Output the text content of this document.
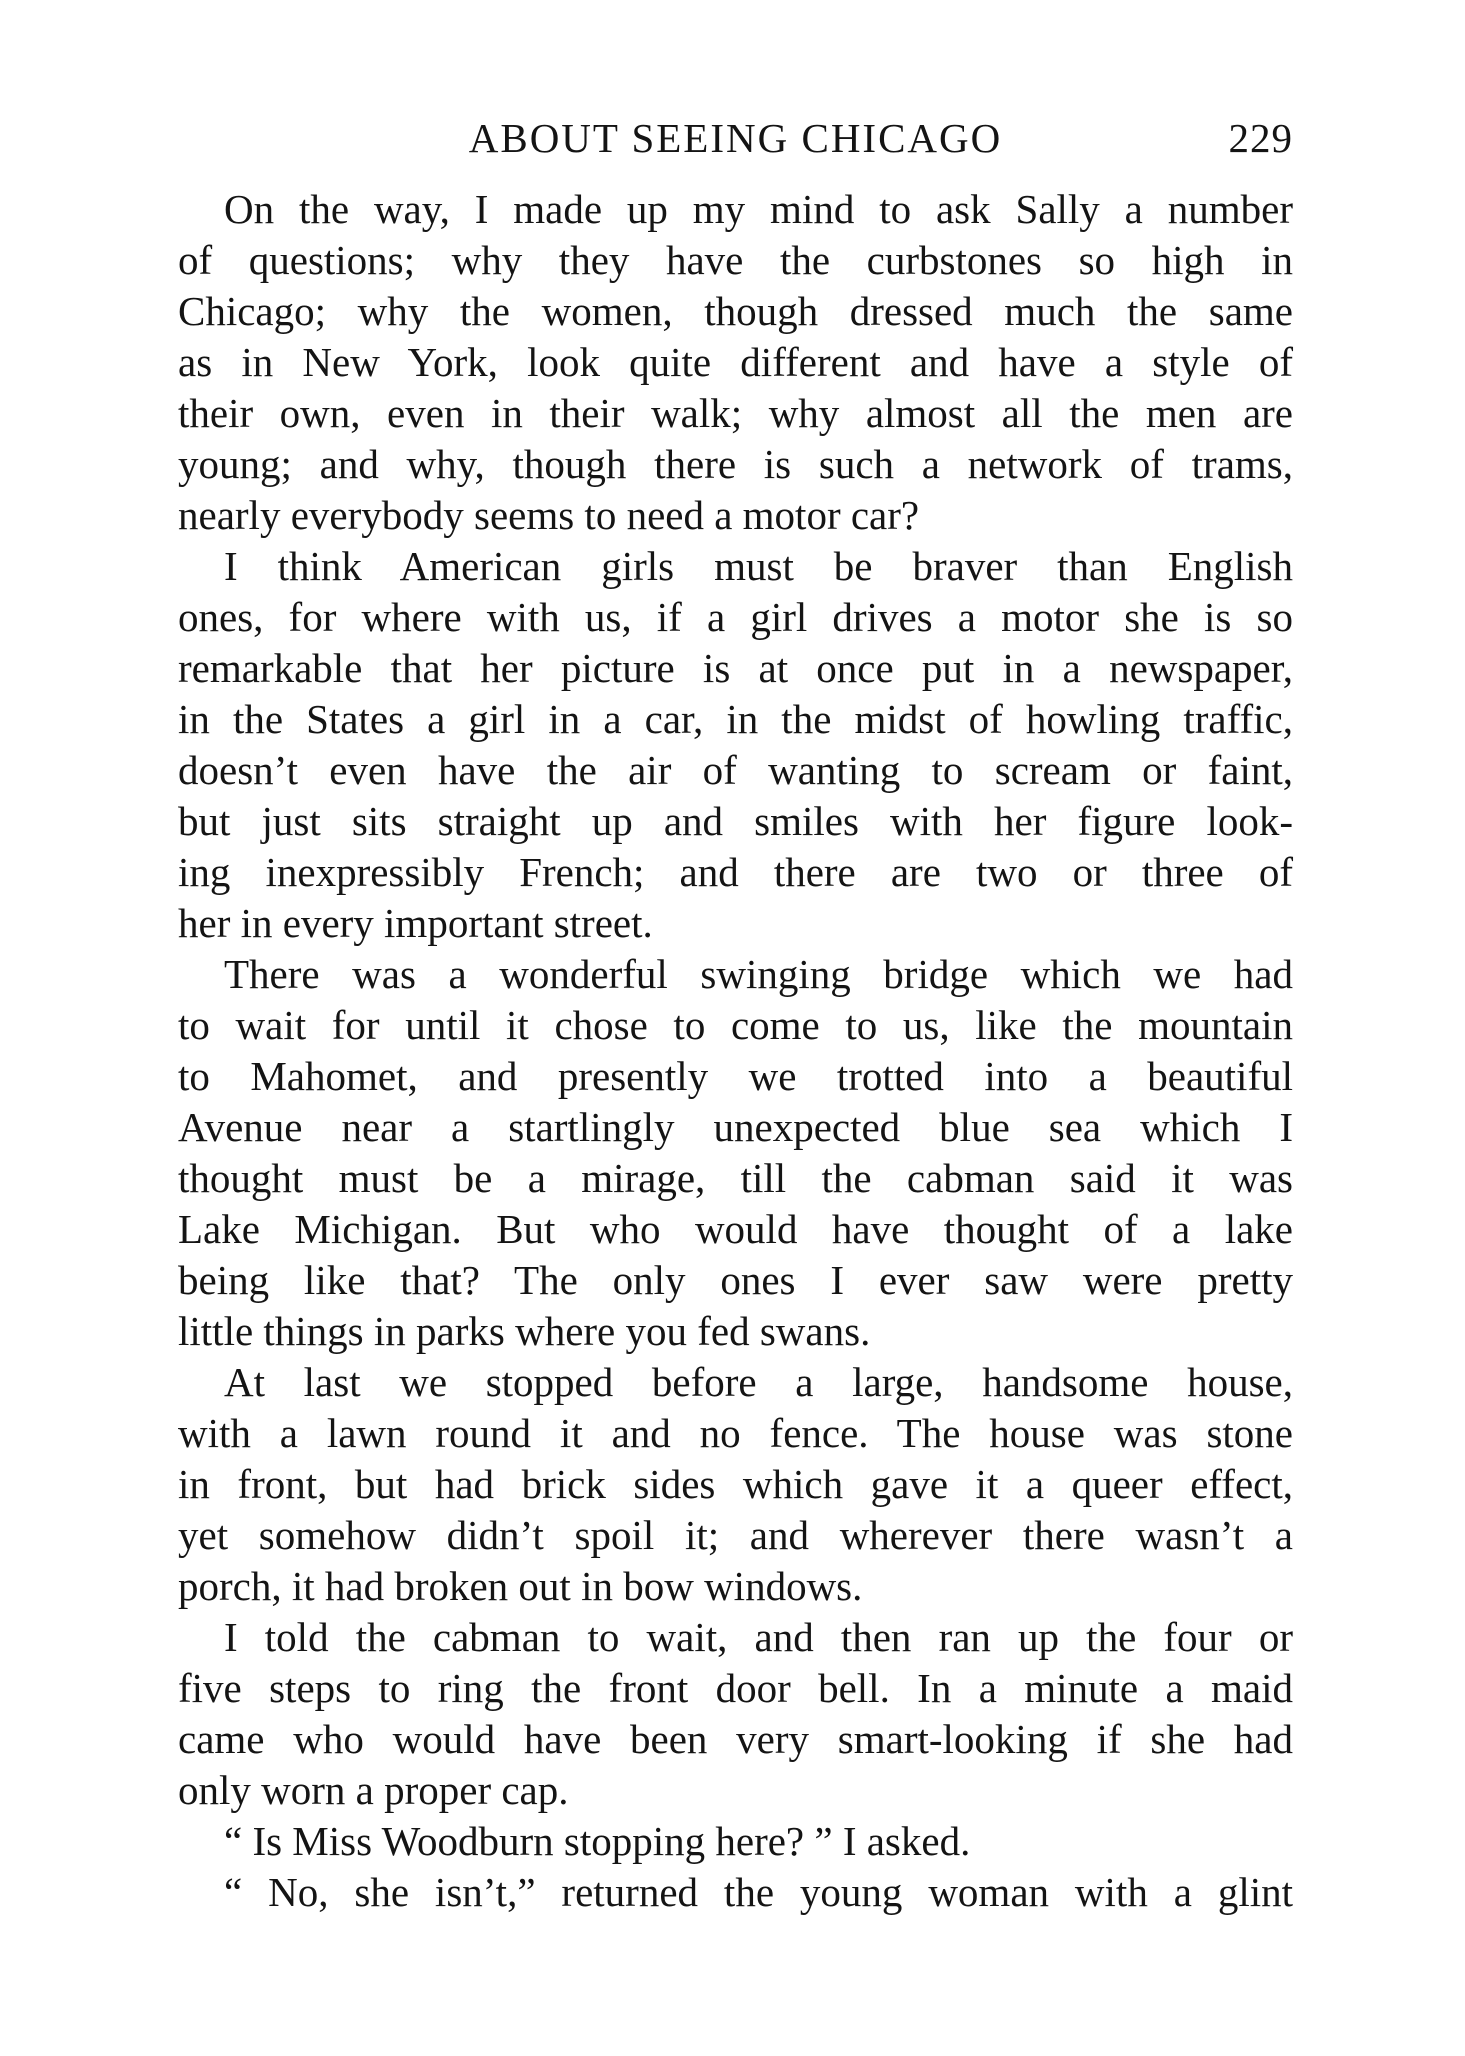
ABOUT SEEING CHICAGO	229
On the way, I made up my mind to ask Sally a number
of questions; why they have the curbstones so high in
Chicago; why the women, though dressed much the same
as in New York, look quite different and have a style of
their own, even in their walk; why almost all the men are
young; and why, though there is such a network of trams,
nearly everybody seems to need a motor car?
I think American girls must be braver than English
ones, for where with us, if a girl drives a motor she is so
remarkable that her picture is at once put in a newspaper,
in the States a girl in a car, in the midst of howling traffic,
doesn’t even have the air of wanting to scream or faint,
but just sits straight up and smiles with her figure look-
ing inexpressibly French; and there are two or three of
her in every important street.
There was a wonderful swinging bridge which we had
to wait for until it chose to come to us, like the mountain
to Mahomet, and presently we trotted into a beautiful
Avenue near a startlingly unexpected blue sea which I
thought must be a mirage, till the cabman said it was
Lake Michigan. But who would have thought of a lake
being like that? The only ones I ever saw were pretty
little things in parks where you fed swans.
At last we stopped before a large, handsome house,
with a lawn round it and no fence. The house was stone
in front, but had brick sides which gave it a queer effect,
yet somehow didn’t spoil it; and wherever there wasn’t a
porch, it had broken out in bow windows.
I told the cabman to wait, and then ran up the four or
five steps to ring the front door bell. In a minute a maid
came who would have been very smart-looking if she had
only worn a proper cap.
“ Is Miss Woodburn stopping here? ” I asked.
“ No, she isn’t,” returned the young woman with a glint
